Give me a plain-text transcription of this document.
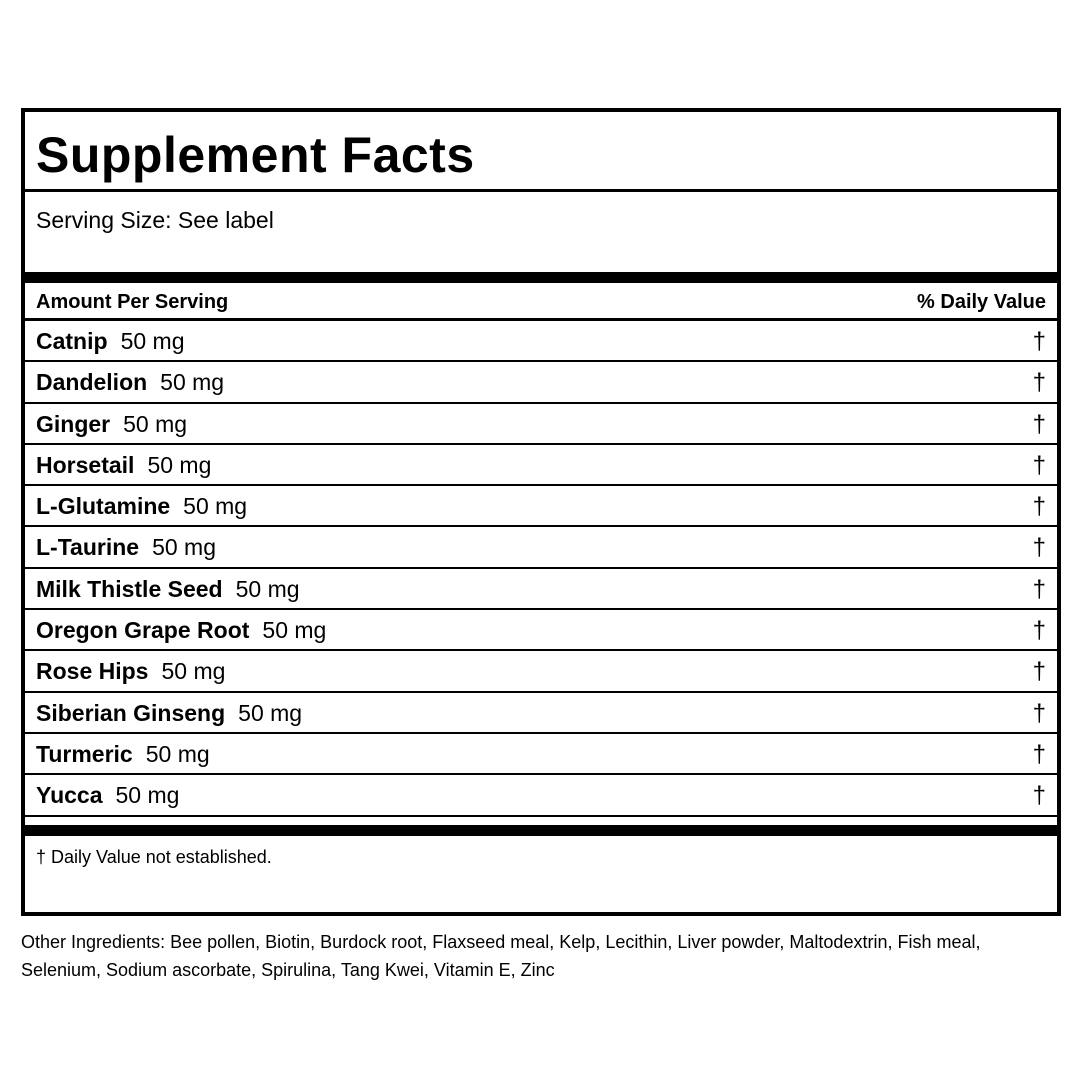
Supplement Facts
Serving Size: See label
Amount Per Serving	% Daily Value
Catnip 50 mg	†
Dandelion 50 mg	†
Ginger 50 mg	†
Horsetail 50 mg	†
L-Glutamine 50 mg	†
L-Taurine 50 mg	†
Milk Thistle Seed 50 mg	†
Oregon Grape Root 50 mg	†
Rose Hips 50 mg	†
Siberian Ginseng 50 mg	†
Turmeric 50 mg	†
Yucca 50 mg	†
† Daily Value not established.
Other Ingredients: Bee pollen, Biotin, Burdock root, Flaxseed meal, Kelp, Lecithin, Liver powder, Maltodextrin, Fish meal, Selenium, Sodium ascorbate, Spirulina, Tang Kwei, Vitamin E, Zinc
